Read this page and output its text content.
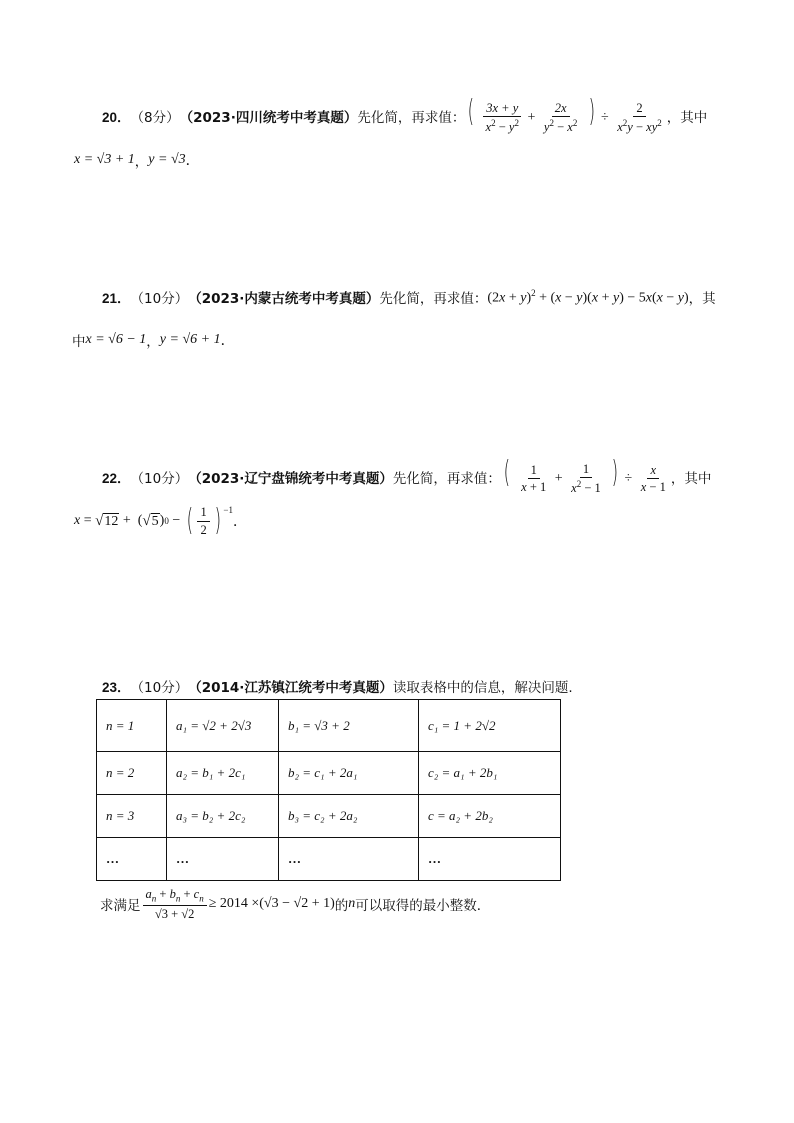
20． （8分） （2023·四川统考中考真题） 先化简，再求值： ( $\frac{3x + y}{x^2 - y^2} + \frac{2x}{y^2 - x^2}$ ) ÷ $\frac{2}{x^2y - xy^2}$ ，其中
x = √3 + 1 ， y = √3 ．
21． （10分） （2023·内蒙古统考中考真题） 先化简，再求值： $(2x + y)^2 + (x - y)(x + y) - 5x(x - y)$ ，其
中 x = √6 − 1 ， y = √6 + 1 ．
22． （10分） （2023·辽宁盘锦统考中考真题） 先化简，再求值： ( $\frac{1}{x + 1} + \frac{1}{x^2 - 1}$ ) ÷ $\frac{x}{x - 1}$ ，其中
x = √ 12 +  ( √ 5 ) 0 − ( $\frac{1}{2}$ ) $^{-1}$
．
23． （10分） （2014·江苏镇江统考中考真题） 读取表格中的信息，解决问题.
n = 1	a₁ = √2 + 2√3	b₁ = √3 + 2	c₁ = 1 + 2√2
n = 2	a₂ = b₁ + 2c₁	b₂ = c₁ + 2a₁	c₂ = a₁ + 2b₁
n = 3	a₃ = b₂ + 2c₂	b₃ = c₂ + 2a₂	c = a₂ + 2b₂
…	…	…	…
求满足 $\frac{a_n + b_n + c_n}{√3 + √2} \ge 2014 \times(√3 - √2 + 1)$ 的 n 可以取得的最小整数．
